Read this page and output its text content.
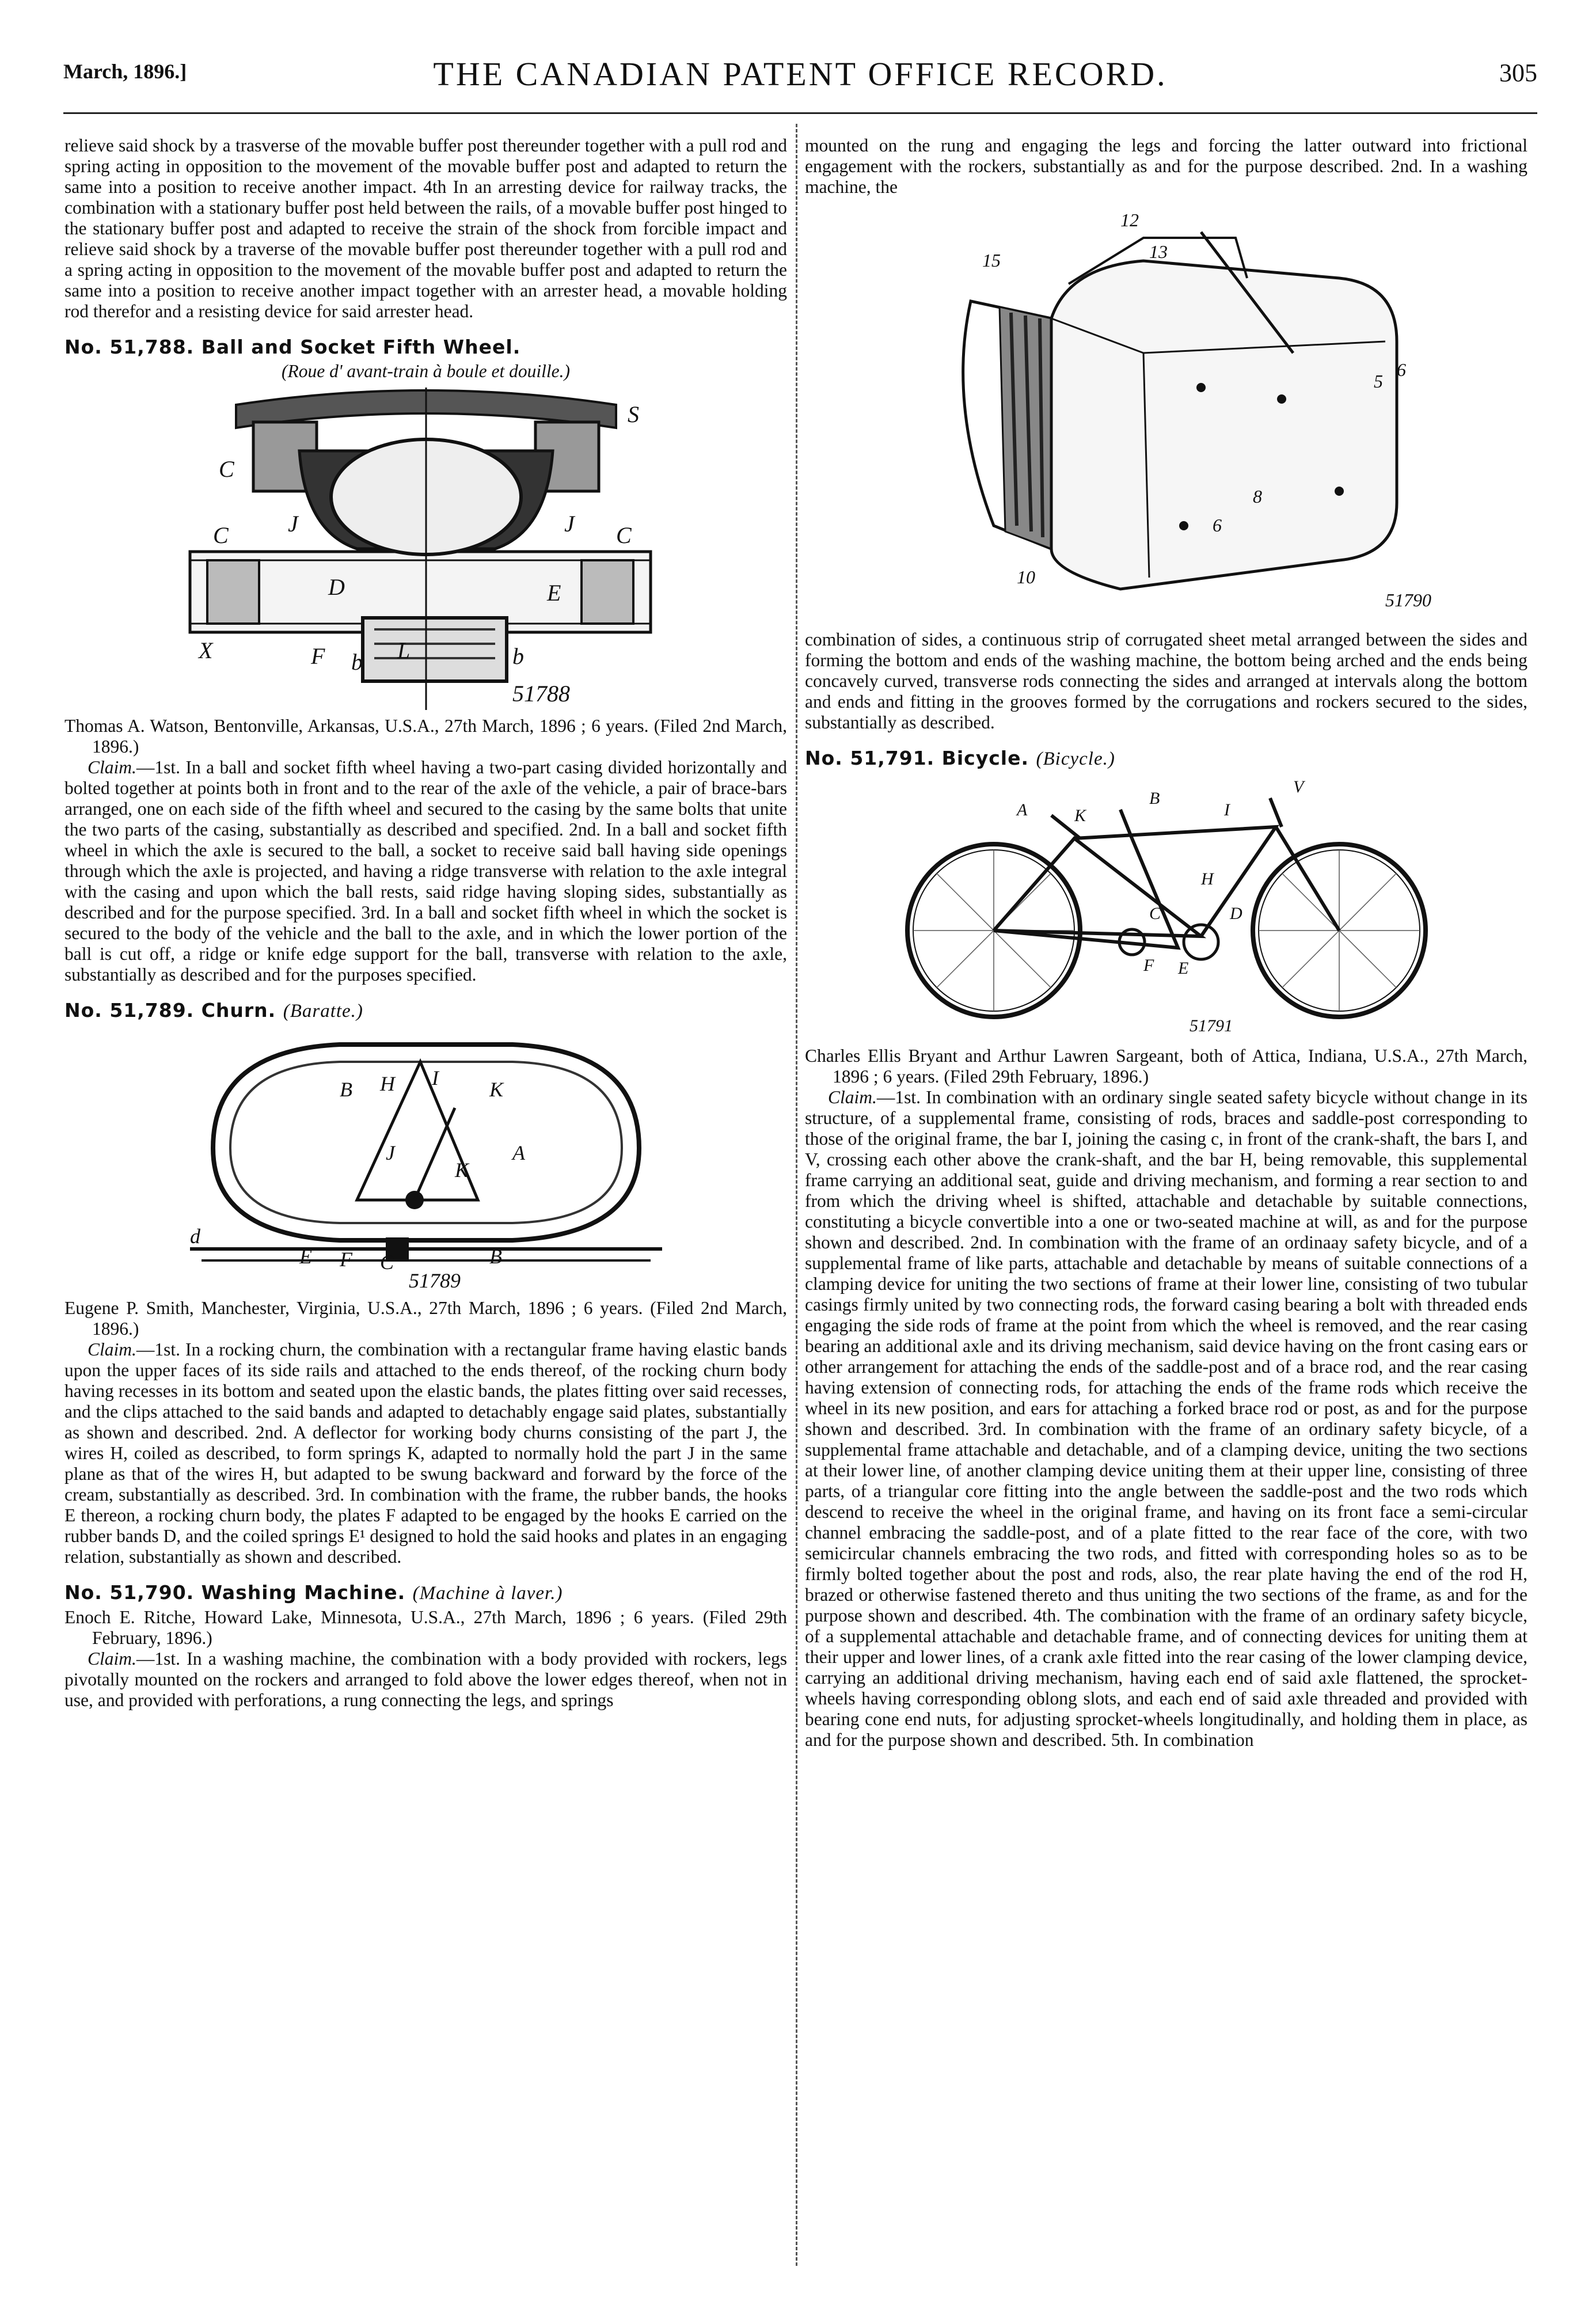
March, 1896.]	THE CANADIAN PATENT OFFICE RECORD.	305

relieve said shock by a trasverse of the movable buffer post thereunder together with a pull rod and spring acting in opposition to the movement of the movable buffer post and adapted to return the same into a position to receive another impact. 4th In an arresting device for railway tracks, the combination with a stationary buffer post held between the rails, of a movable buffer post hinged to the stationary buffer post and adapted to receive the strain of the shock from forcible impact and relieve said shock by a traverse of the movable buffer post thereunder together with a pull rod and a spring acting in opposition to the movement of the movable buffer post and adapted to return the same into a position to receive another impact together with an arrester head, a movable holding rod therefor and a resisting device for said arrester head.

No. 51,788. Ball and Socket Fifth Wheel.
(Roue d' avant-train à boule et douille.)
S
C
C	J	J C
D	E
X	F b L	b
51788

Thomas A. Watson, Bentonville, Arkansas, U.S.A., 27th March, 1896 ; 6 years. (Filed 2nd March, 1896.)

Claim.—1st. In a ball and socket fifth wheel having a two-part casing divided horizontally and bolted together at points both in front and to the rear of the axle of the vehicle, a pair of brace-bars arranged, one on each side of the fifth wheel and secured to the casing by the same bolts that unite the two parts of the casing, substantially as described and specified. 2nd. In a ball and socket fifth wheel in which the axle is secured to the ball, a socket to receive said ball having side openings through which the axle is projected, and having a ridge transverse with relation to the axle integral with the casing and upon which the ball rests, said ridge having sloping sides, substantially as described and for the purpose specified. 3rd. In a ball and socket fifth wheel in which the socket is secured to the body of the vehicle and the ball to the axle, and in which the lower portion of the ball is cut off, a ridge or knife edge support for the ball, transverse with relation to the axle, substantially as described and for the purposes specified.

No. 51,789. Churn. (Baratte.)
B H I K
J
K
A
d
E F C	B
51789

Eugene P. Smith, Manchester, Virginia, U.S.A., 27th March, 1896 ; 6 years. (Filed 2nd March, 1896.)

Claim.—1st. In a rocking churn, the combination with a rectangular frame having elastic bands upon the upper faces of its side rails and attached to the ends thereof, of the rocking churn body having recesses in its bottom and seated upon the elastic bands, the plates fitting over said recesses, and the clips attached to the said bands and adapted to detachably engage said plates, substantially as shown and described. 2nd. A deflector for working body churns consisting of the part J, the wires H, coiled as described, to form springs K, adapted to normally hold the part J in the same plane as that of the wires H, but adapted to be swung backward and forward by the force of the cream, substantially as described. 3rd. In combination with the frame, the rubber bands, the hooks E thereon, a rocking churn body, the plates F adapted to be engaged by the hooks E carried on the rubber bands D, and the coiled springs E¹ designed to hold the said hooks and plates in an engaging relation, substantially as shown and described.

No. 51,790. Washing Machine. (Machine à laver.)

Enoch E. Ritche, Howard Lake, Minnesota, U.S.A., 27th March, 1896 ; 6 years. (Filed 29th February, 1896.)

Claim.—1st. In a washing machine, the combination with a body provided with rockers, legs pivotally mounted on the rockers and arranged to fold above the lower edges thereof, when not in use, and provided with perforations, a rung connecting the legs, and springs

mounted on the rung and engaging the legs and forcing the latter outward into frictional engagement with the rockers, substantially as and for the purpose described. 2nd. In a washing machine, the

12
13
15
6
5
8
6
10
51790

combination of sides, a continuous strip of corrugated sheet metal arranged between the sides and forming the bottom and ends of the washing machine, the bottom being arched and the ends being concavely curved, transverse rods connecting the sides and arranged at intervals along the bottom and ends and fitting in the grooves formed by the corrugations and rockers secured to the sides, substantially as described.

No. 51,791. Bicycle. (Bicycle.)
A	K
B
V
I
H
D
C
F E
51791

Charles Ellis Bryant and Arthur Lawren Sargeant, both of Attica, Indiana, U.S.A., 27th March, 1896 ; 6 years. (Filed 29th February, 1896.)

Claim.—1st. In combination with an ordinary single seated safety bicycle without change in its structure, of a supplemental frame, consisting of rods, braces and saddle-post corresponding to those of the original frame, the bar I, joining the casing c, in front of the crank-shaft, the bars I, and V, crossing each other above the crank-shaft, and the bar H, being removable, this supplemental frame carrying an additional seat, guide and driving mechanism, and forming a rear section to and from which the driving wheel is shifted, attachable and detachable by suitable connections, constituting a bicycle convertible into a one or two-seated machine at will, as and for the purpose shown and described. 2nd. In combination with the frame of an ordinaay safety bicycle, and of a supplemental frame of like parts, attachable and detachable by means of suitable connections of a clamping device for uniting the two sections of frame at their lower line, consisting of two tubular casings firmly united by two connecting rods, the forward casing bearing a bolt with threaded ends engaging the side rods of frame at the point from which the wheel is removed, and the rear casing bearing an additional axle and its driving mechanism, said device having on the front casing ears or other arrangement for attaching the ends of the saddle-post and of a brace rod, and the rear casing having extension of connecting rods, for attaching the ends of the frame rods which receive the wheel in its new position, and ears for attaching a forked brace rod or post, as and for the purpose shown and described. 3rd. In combination with the frame of an ordinary safety bicycle, of a supplemental frame attachable and detachable, and of a clamping device, uniting the two sections at their lower line, of another clamping device uniting them at their upper line, consisting of three parts, of a triangular core fitting into the angle between the saddle-post and the two rods which descend to receive the wheel in the original frame, and having on its front face a semi-circular channel embracing the saddle-post, and of a plate fitted to the rear face of the core, with two semicircular channels embracing the two rods, and fitted with corresponding holes so as to be firmly bolted together about the post and rods, also, the rear plate having the end of the rod H, brazed or otherwise fastened thereto and thus uniting the two sections of the frame, as and for the purpose shown and described. 4th. The combination with the frame of an ordinary safety bicycle, of a supplemental attachable and detachable frame, and of connecting devices for uniting them at their upper and lower lines, of a crank axle fitted into the rear casing of the lower clamping device, carrying an additional driving mechanism, having each end of said axle flattened, the sprocket-wheels having corresponding oblong slots, and each end of said axle threaded and provided with bearing cone end nuts, for adjusting sprocket-wheels longitudinally, and holding them in place, as and for the purpose shown and described. 5th. In combination
